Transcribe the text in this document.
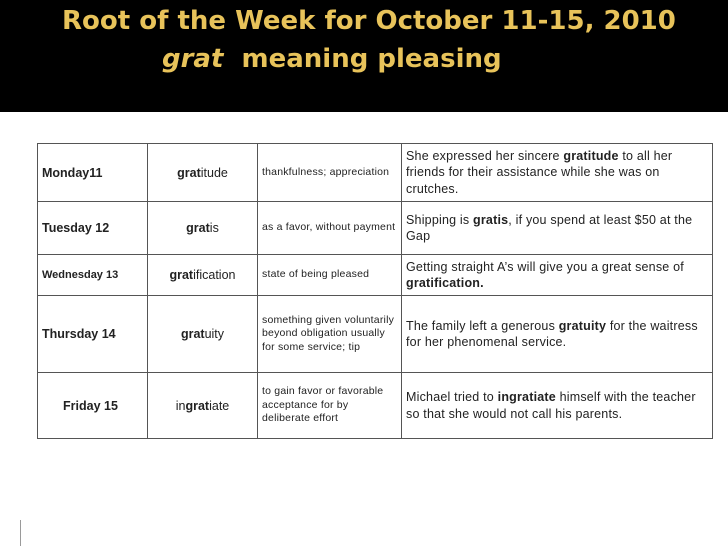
Root of the Week for October 11-15, 2010
grat meaning pleasing
Monday11	gratitude	thankfulness; appreciation	She expressed her sincere gratitude to all her friends for their assistance while she was on crutches.
Tuesday 12	gratis	as a favor, without payment	Shipping is gratis, if you spend at least $50 at the Gap
Wednesday 13	gratification	state of being pleased	Getting straight A’s will give you a great sense of gratification.
Thursday 14	gratuity	something given voluntarily beyond obligation usually for some service; tip	The family left a generous gratuity for the waitress for her phenomenal service.
Friday 15	ingratiate	to gain favor or favorable acceptance for by deliberate effort	Michael tried to ingratiate himself with the teacher so that she would not call his parents.
